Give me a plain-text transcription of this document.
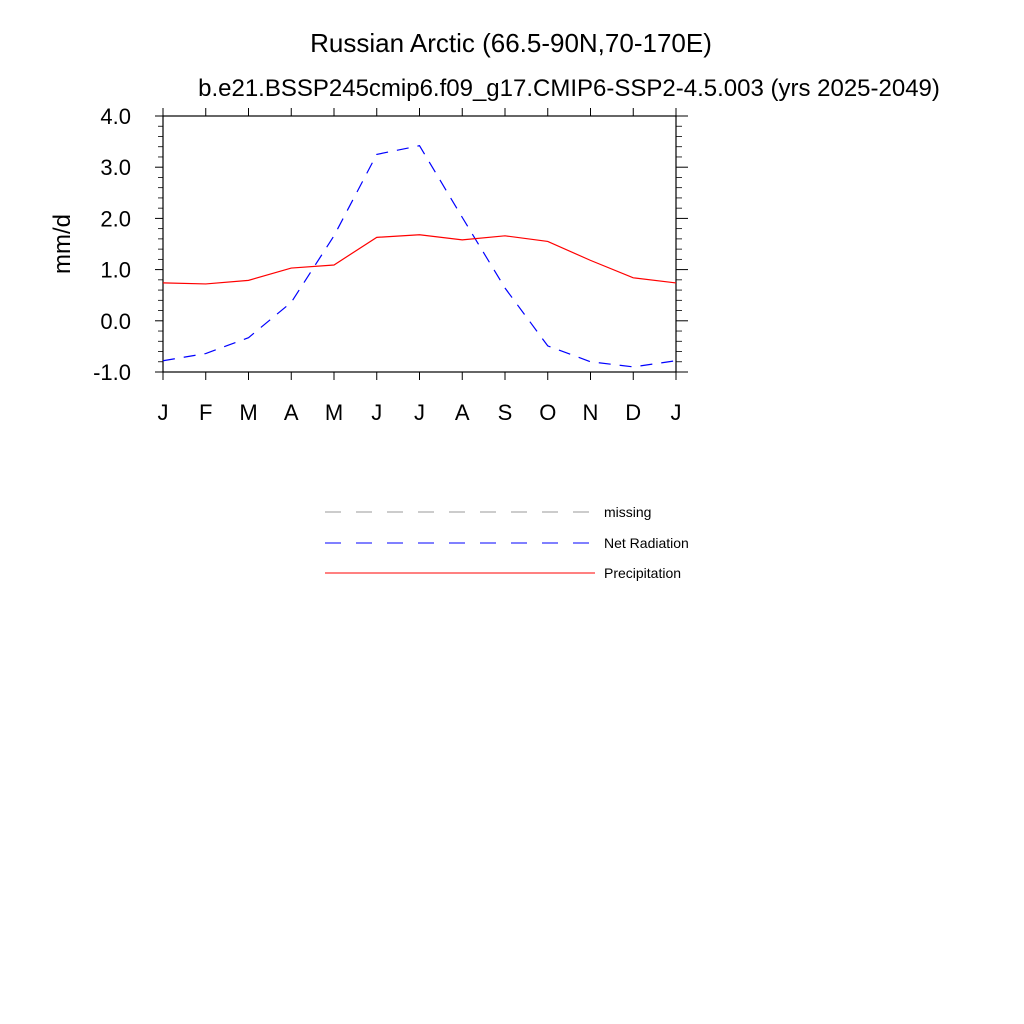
Russian Arctic (66.5-90N,70-170E)
b.e21.BSSP245cmip6.f09_g17.CMIP6-SSP2-4.5.003 (yrs 2025-2049)
mm/d
J F M A M J J A S O N D J
4.0
3.0
2.0
1.0
0.0
-1.0
missing
Net Radiation
Precipitation
